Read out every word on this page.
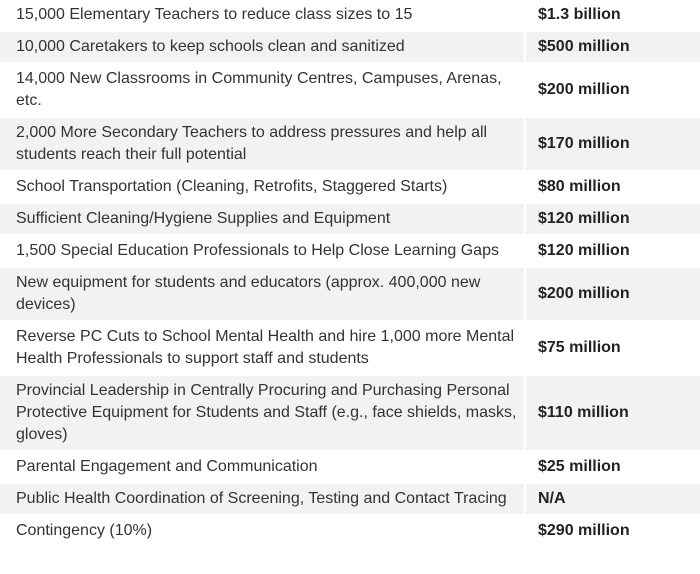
15,000 Elementary Teachers to reduce class sizes to 15	$1.3 billion
10,000 Caretakers to keep schools clean and sanitized	$500 million
14,000 New Classrooms in Community Centres, Campuses, Arenas, etc.	$200 million
2,000 More Secondary Teachers to address pressures and help all students reach their full potential	$170 million
School Transportation (Cleaning, Retrofits, Staggered Starts)	$80 million
Sufficient Cleaning/Hygiene Supplies and Equipment	$120 million
1,500 Special Education Professionals to Help Close Learning Gaps	$120 million
New equipment for students and educators (approx. 400,000 new devices)	$200 million
Reverse PC Cuts to School Mental Health and hire 1,000 more Mental Health Professionals to support staff and students	$75 million
Provincial Leadership in Centrally Procuring and Purchasing Personal Protective Equipment for Students and Staff (e.g., face shields, masks, gloves)	$110 million
Parental Engagement and Communication	$25 million
Public Health Coordination of Screening, Testing and Contact Tracing	N/A
Contingency (10%)	$290 million
